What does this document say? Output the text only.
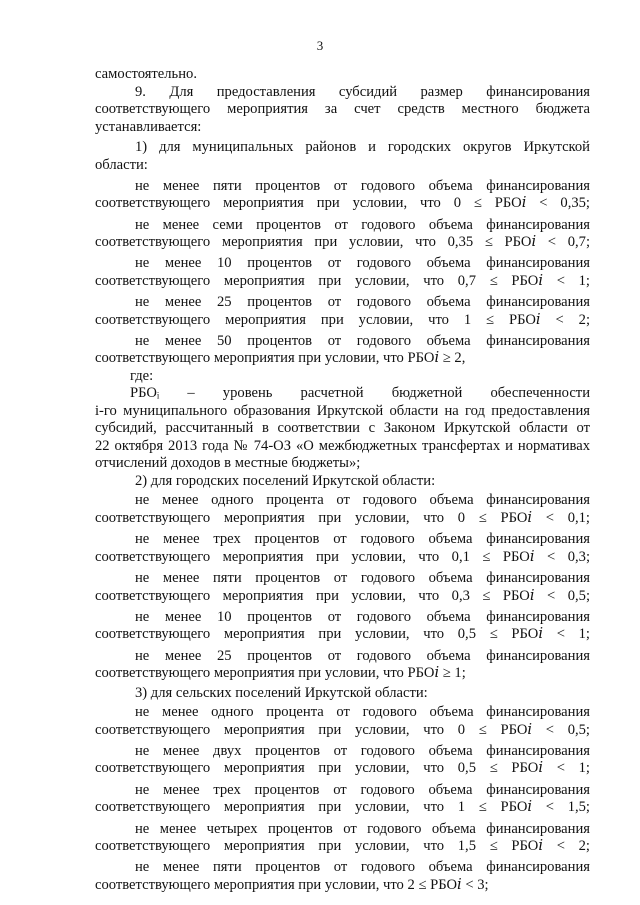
3
самостоятельно.
9. Для предоставления субсидий размер финансирования
соответствующего мероприятия за счет средств местного бюджета
устанавливается:
1) для муниципальных районов и городских округов Иркутской
области:
не менее пяти процентов от годового объема финансирования
соответствующего мероприятия при условии, что 0 ≤ РБО𝑖 < 0,35;
не менее семи процентов от годового объема финансирования
соответствующего мероприятия при условии, что 0,35 ≤ РБО𝑖 < 0,7;
не менее 10 процентов от годового объема финансирования
соответствующего мероприятия при условии, что 0,7 ≤ РБО𝑖 < 1;
не менее 25 процентов от годового объема финансирования
соответствующего мероприятия при условии, что 1 ≤ РБО𝑖 < 2;
не менее 50 процентов от годового объема финансирования
соответствующего мероприятия при условии, что РБО𝑖 ≥ 2,
где:
РБОᵢ – уровень расчетной бюджетной обеспеченности
i-го муниципального образования Иркутской области на год предоставления
субсидий, рассчитанный в соответствии с Законом Иркутской области от
22 октября 2013 года № 74-ОЗ «О межбюджетных трансфертах и нормативах
отчислений доходов в местные бюджеты»;
2) для городских поселений Иркутской области:
не менее одного процента от годового объема финансирования
соответствующего мероприятия при условии, что 0 ≤ РБО𝑖 < 0,1;
не менее трех процентов от годового объема финансирования
соответствующего мероприятия при условии, что 0,1 ≤ РБО𝑖 < 0,3;
не менее пяти процентов от годового объема финансирования
соответствующего мероприятия при условии, что 0,3 ≤ РБО𝑖 < 0,5;
не менее 10 процентов от годового объема финансирования
соответствующего мероприятия при условии, что 0,5 ≤ РБО𝑖 < 1;
не менее 25 процентов от годового объема финансирования
соответствующего мероприятия при условии, что РБО𝑖 ≥ 1;
3) для сельских поселений Иркутской области:
не менее одного процента от годового объема финансирования
соответствующего мероприятия при условии, что 0 ≤ РБО𝑖 < 0,5;
не менее двух процентов от годового объема финансирования
соответствующего мероприятия при условии, что 0,5 ≤ РБО𝑖 < 1;
не менее трех процентов от годового объема финансирования
соответствующего мероприятия при условии, что 1 ≤ РБО𝑖 < 1,5;
не менее четырех процентов от годового объема финансирования
соответствующего мероприятия при условии, что 1,5 ≤ РБО𝑖 < 2;
не менее пяти процентов от годового объема финансирования
соответствующего мероприятия при условии, что 2 ≤ РБО𝑖 < 3;
